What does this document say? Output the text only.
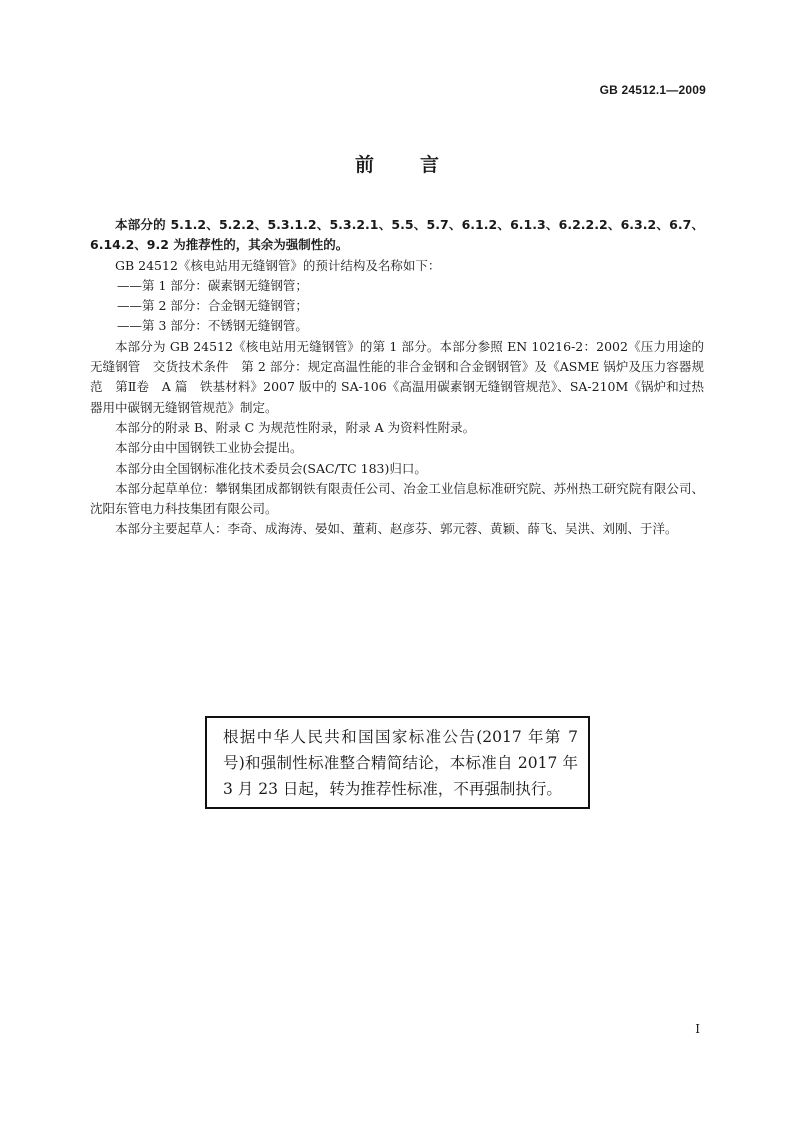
GB 24512.1—2009
前 言

本部分的 5.1.2、5.2.2、5.3.1.2、5.3.2.1、5.5、5.7、6.1.2、6.1.3、6.2.2.2、6.3.2、6.7、6.14.2、9.2 为推荐性的，其余为强制性的。

GB 24512《核电站用无缝钢管》的预计结构及名称如下：

——第 1 部分：碳素钢无缝钢管；

——第 2 部分：合金钢无缝钢管；

——第 3 部分：不锈钢无缝钢管。

本部分为 GB 24512《核电站用无缝钢管》的第 1 部分。本部分参照 EN 10216-2：2002《压力用途的无缝钢管　交货技术条件　第 2 部分：规定高温性能的非合金钢和合金钢钢管》及《ASME 锅炉及压力容器规范　第Ⅱ卷　A 篇　铁基材料》2007 版中的 SA-106《高温用碳素钢无缝钢管规范》、SA-210M《锅炉和过热器用中碳钢无缝钢管规范》制定。

本部分的附录 B、附录 C 为规范性附录，附录 A 为资料性附录。

本部分由中国钢铁工业协会提出。

本部分由全国钢标准化技术委员会(SAC/TC 183)归口。

本部分起草单位：攀钢集团成都钢铁有限责任公司、冶金工业信息标准研究院、苏州热工研究院有限公司、沈阳东管电力科技集团有限公司。

本部分主要起草人：李奇、成海涛、晏如、董莉、赵彦芬、郭元蓉、黄颖、薛飞、吴洪、刘刚、于洋。

根据中华人民共和国国家标准公告(2017 年第 7 号)和强制性标准整合精简结论，本标准自 2017 年 3 月 23 日起，转为推荐性标准，不再强制执行。
I
